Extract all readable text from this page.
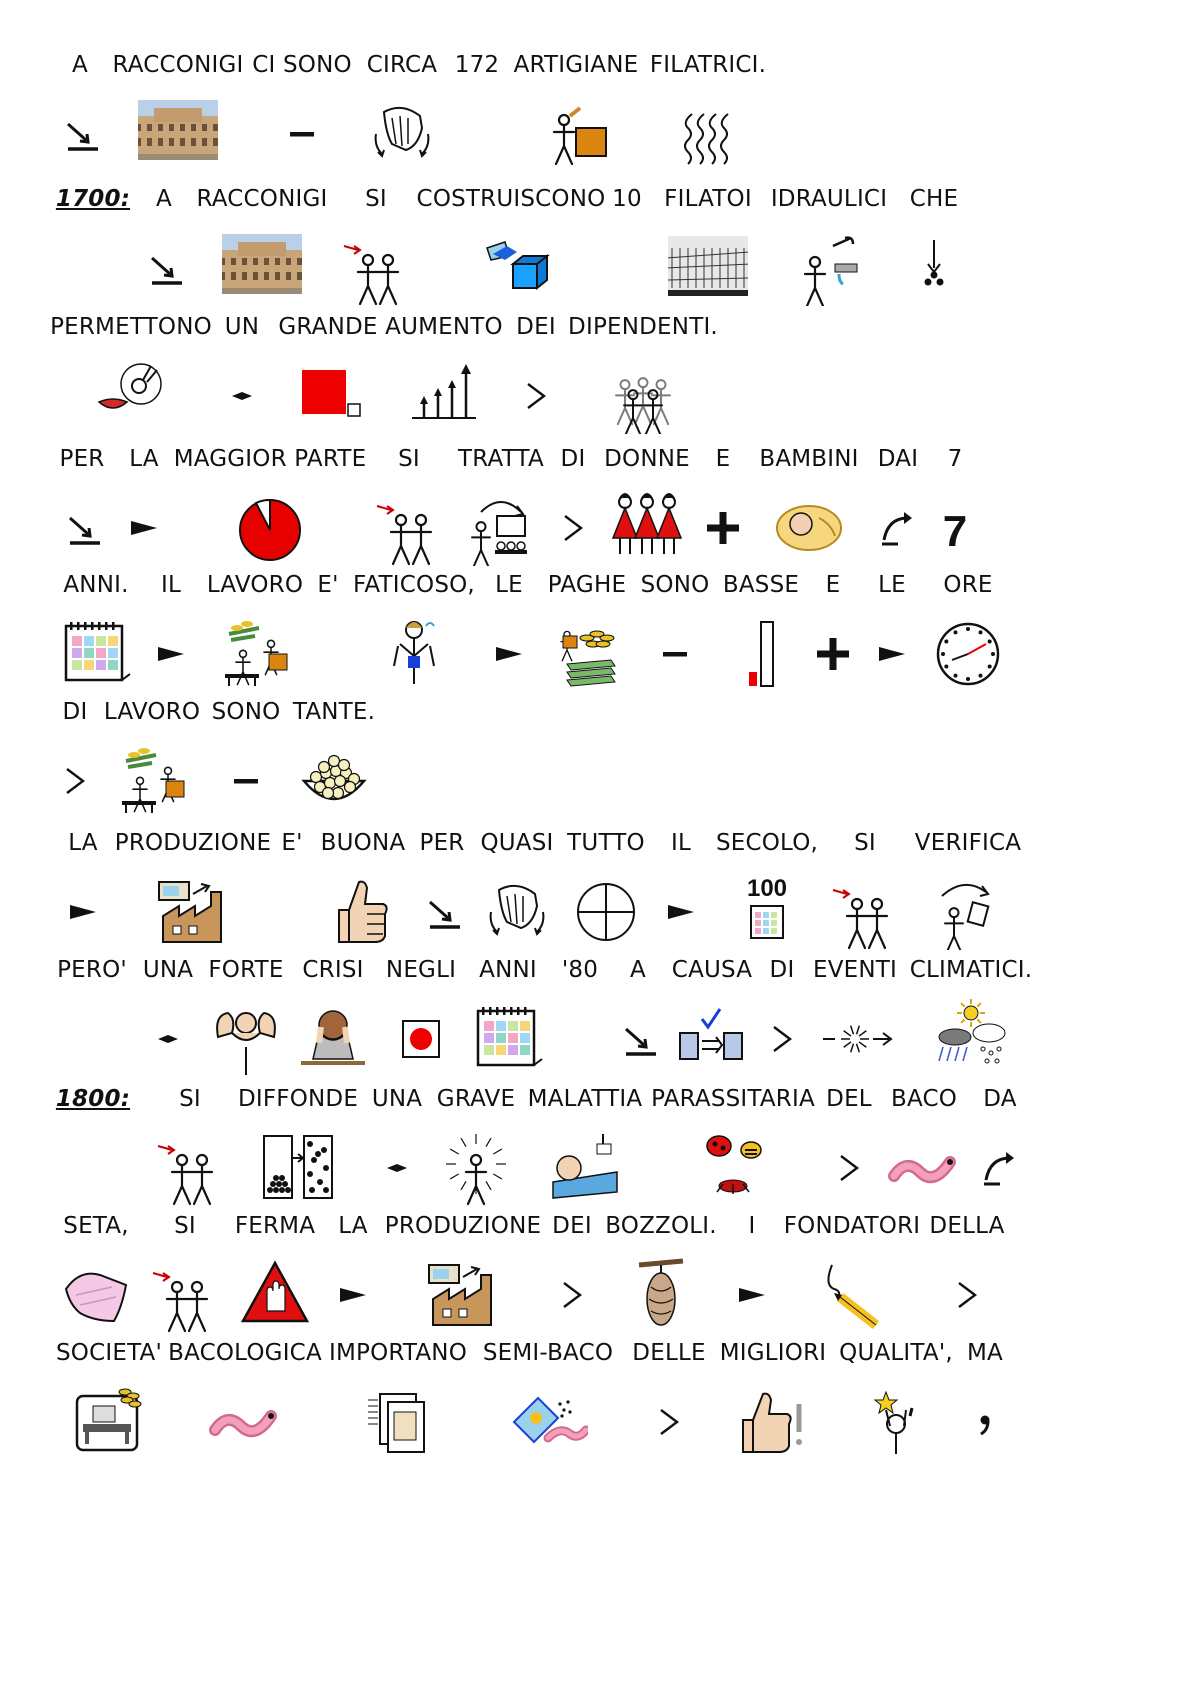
A RACCONIGI CI SONO CIRCA 172 ARTIGIANE FILATRICI.
1700: A RACCONIGI SI COSTRUISCONO 10 FILATOI IDRAULICI CHE
PERMETTONO UN GRANDE AUMENTO DEI DIPENDENTI.
PER LA MAGGIOR PARTE SI TRATTA DI DONNE E BAMBINI DAI 7
7
ANNI. IL LAVORO E' FATICOSO, LE PAGHE SONO BASSE E LE ORE
DI LAVORO SONO TANTE.
LA PRODUZIONE E' BUONA PER QUASI TUTTO IL SECOLO,
100
SI VERIFICA
PERO' UNA FORTE CRISI NEGLI ANNI '80 A CAUSA DI EVENTI CLIMATICI.
1800: SI DIFFONDE UNA GRAVE MALATTIA PARASSITARIA DEL BACO DA
SETA, SI FERMA LA PRODUZIONE DEI BOZZOLI. I FONDATORI DELLA
SOCIETA' BACOLOGICA IMPORTANO SEMI-BACO DELLE MIGLIORI QUALITA', MA
